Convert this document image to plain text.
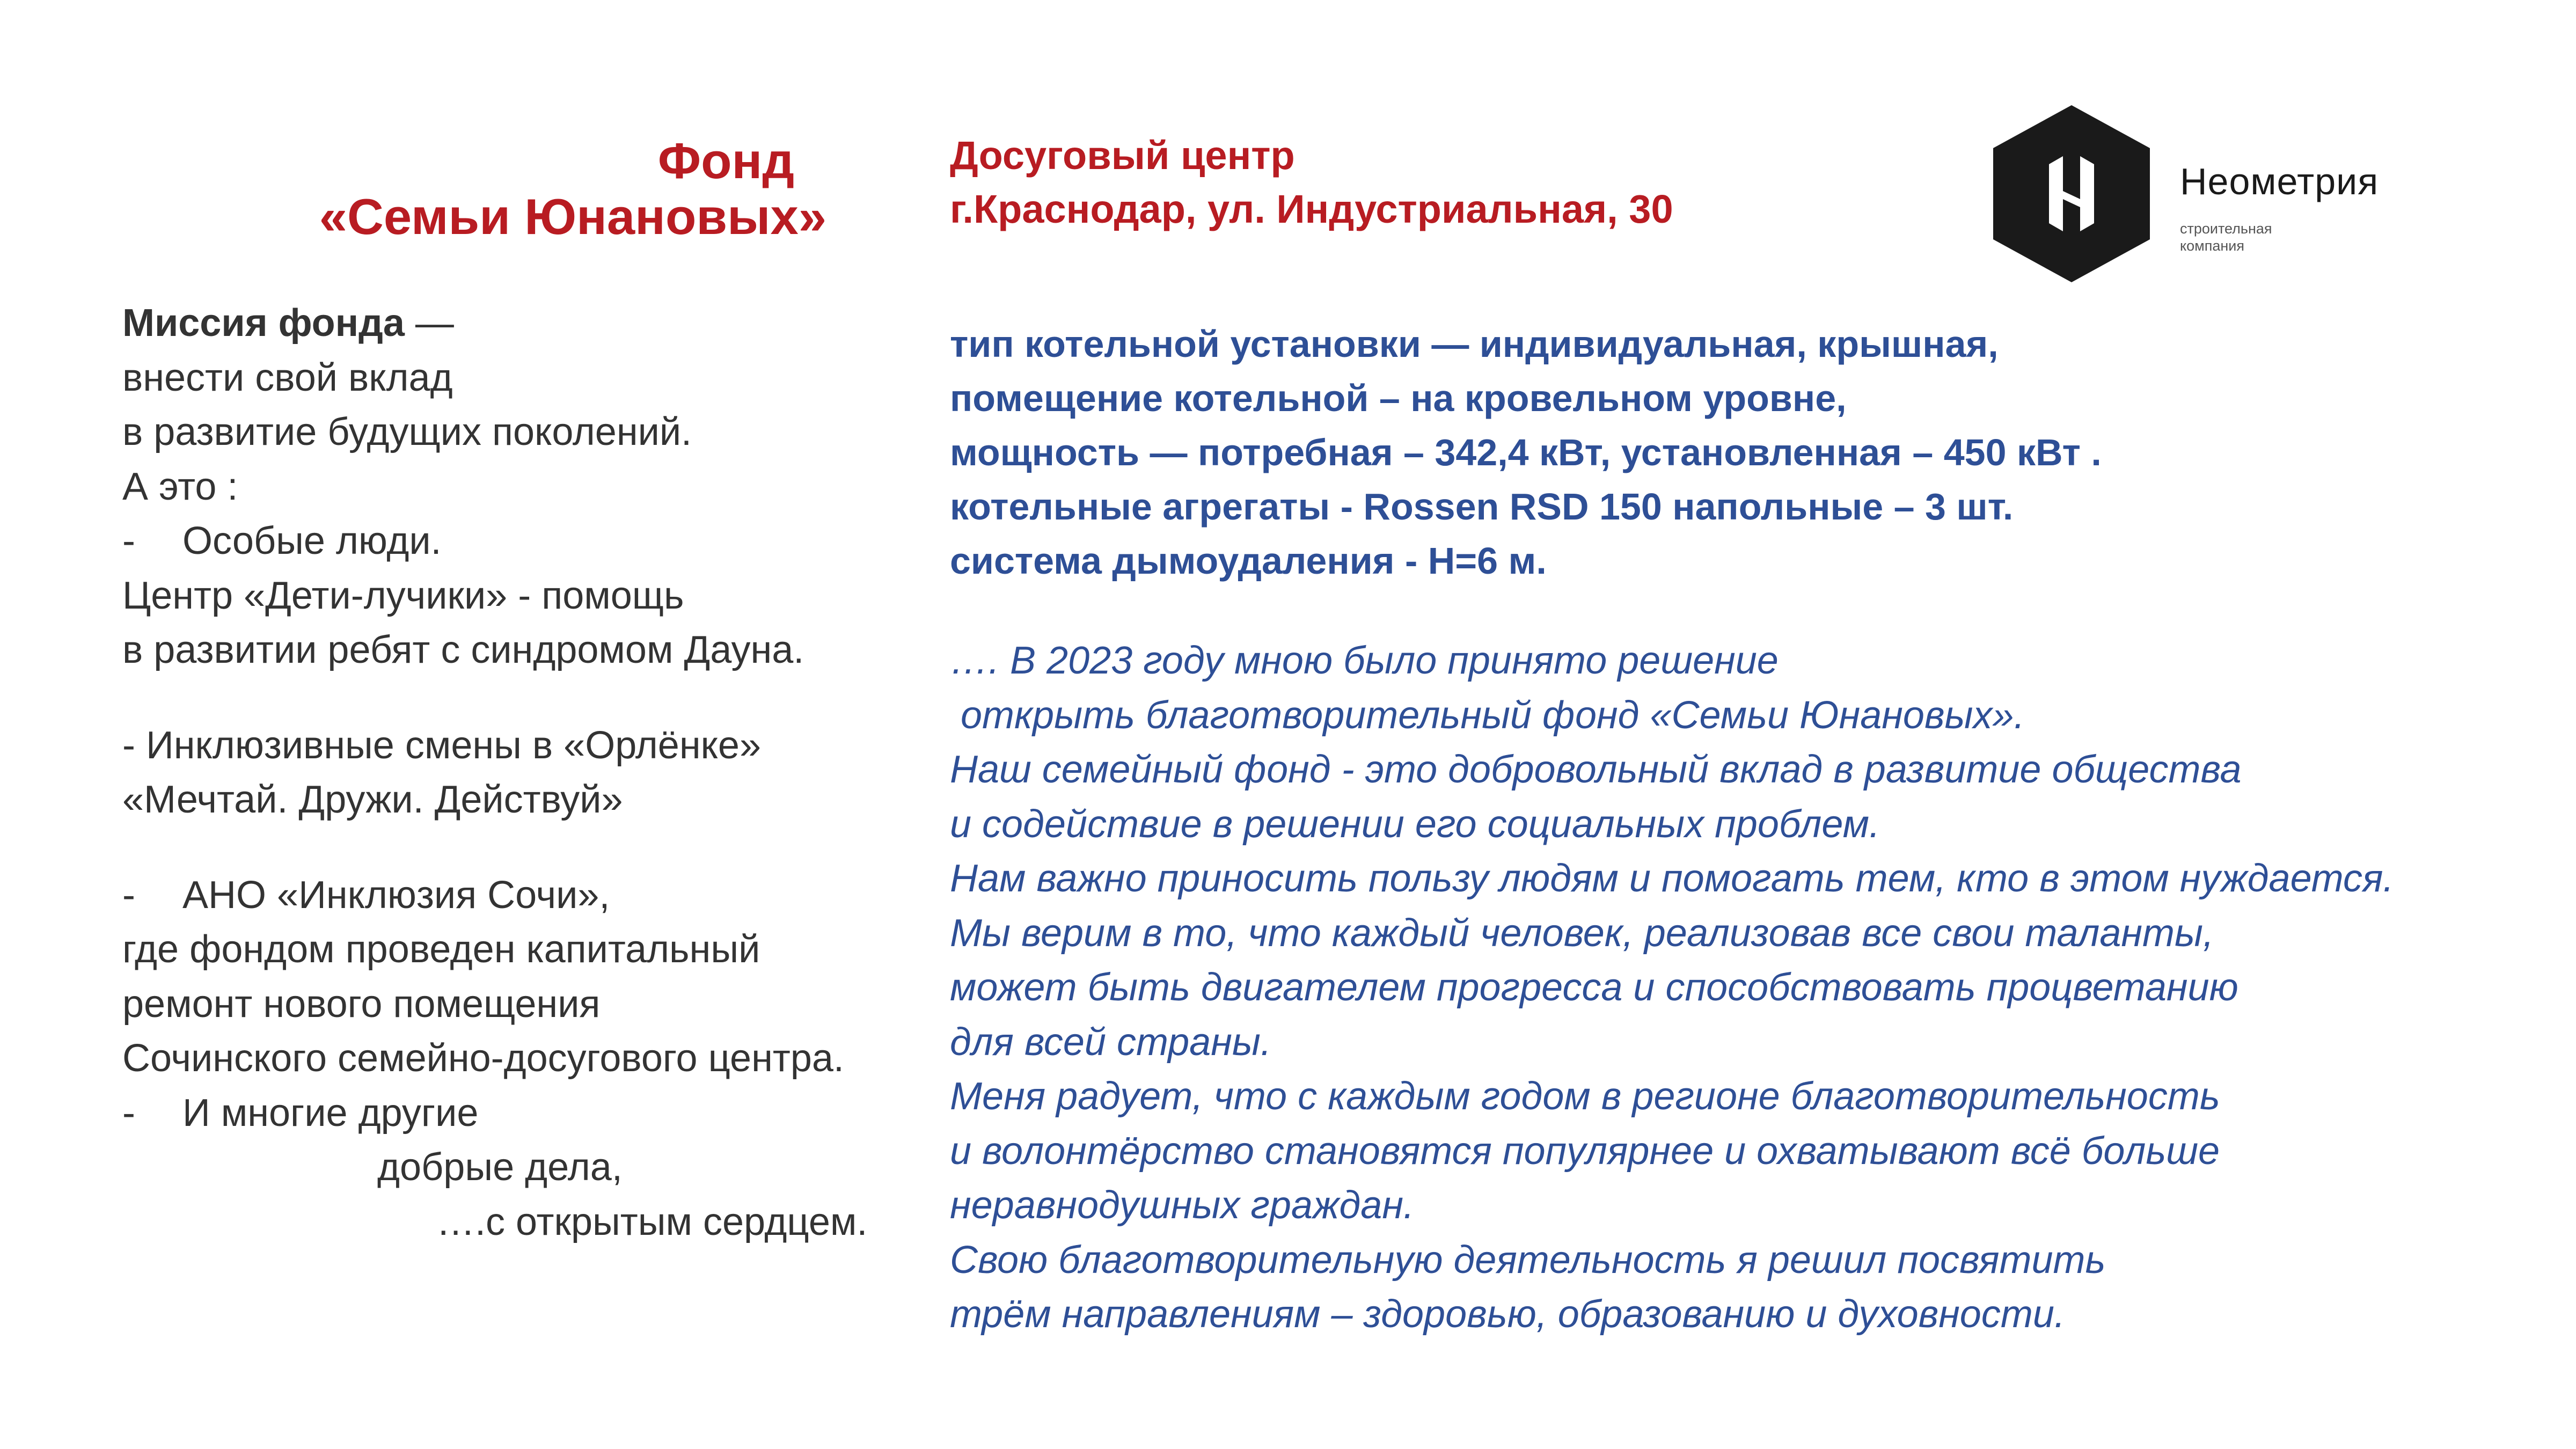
Фонд
«Семьи Юнановых»
Досуговый центр
г.Краснодар, ул. Индустриальная, 30
Неометрия
строительная
компания
Миссия фонда —
внести свой вклад
в развитие будущих поколений.
А это :
- Особые люди.
Центр «Дети-лучики» - помощь
в развитии ребят с синдромом Дауна.
- Инклюзивные смены в «Орлёнке»
«Мечтай. Дружи. Действуй»
- АНО «Инклюзия Сочи»,
где фондом проведен капитальный
ремонт нового помещения
Сочинского семейно-досугового центра.
- И многие другие
добрые дела,
….с открытым сердцем.
тип котельной установки — индивидуальная, крышная,
помещение котельной – на кровельном уровне,
мощность — потребная – 342,4 кВт, установленная – 450 кВт .
котельные агрегаты - Rossen RSD 150 напольные – 3 шт.
система дымоудаления - Н=6 м.
…. В 2023 году мною было принято решение
открыть благотворительный фонд «Семьи Юнановых».
Наш семейный фонд - это добровольный вклад в развитие общества
и содействие в решении его социальных проблем.
Нам важно приносить пользу людям и помогать тем, кто в этом нуждается.
Мы верим в то, что каждый человек, реализовав все свои таланты,
может быть двигателем прогресса и способствовать процветанию
для всей страны.
Меня радует, что с каждым годом в регионе благотворительность
и волонтёрство становятся популярнее и охватывают всё больше
неравнодушных граждан.
Свою благотворительную деятельность я решил посвятить
трём направлениям – здоровью, образованию и духовности.
